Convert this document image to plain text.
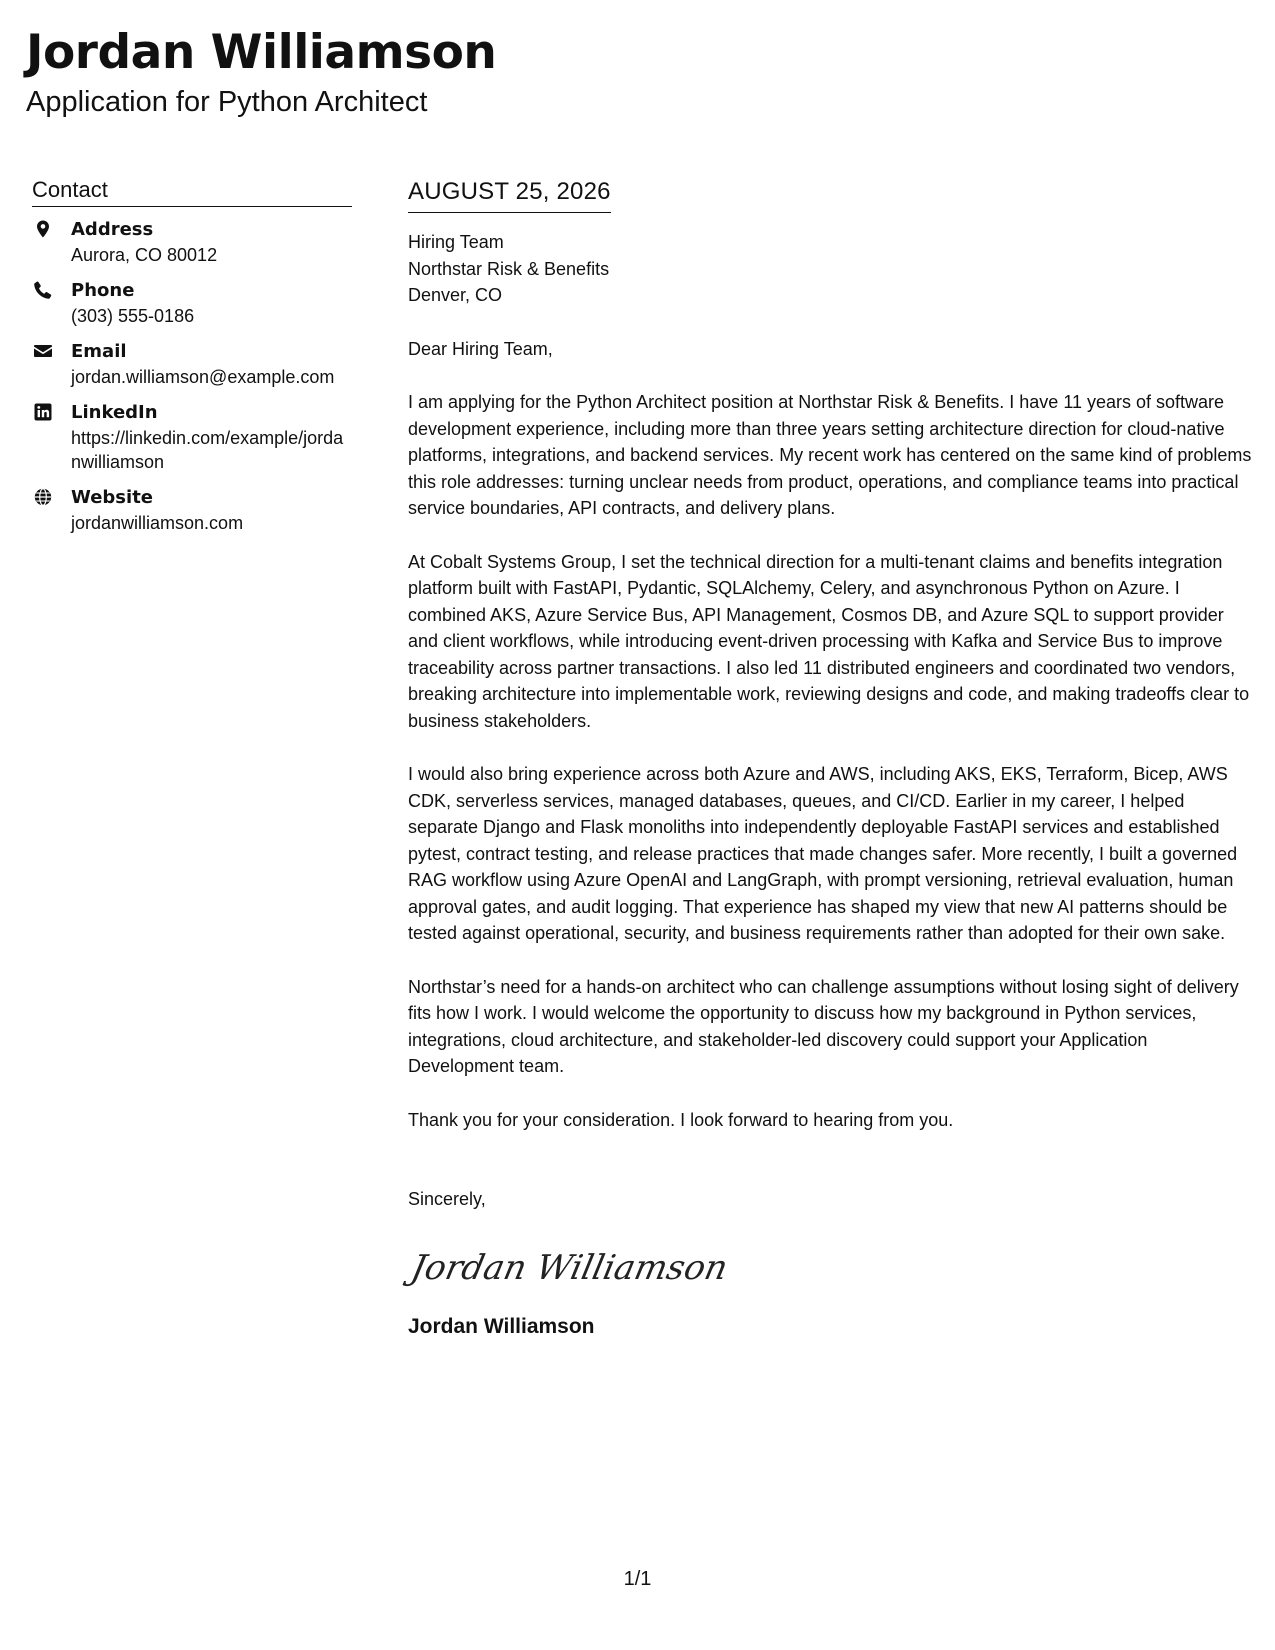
Jordan Williamson
Application for Python Architect
Contact
Address
Aurora, CO 80012
Phone
(303) 555-0186
Email
jordan.williamson@example.com
LinkedIn
https://linkedin.com/example/jordanwilliamson
Website
jordanwilliamson.com
AUGUST 25, 2026
Hiring Team
Northstar Risk & Benefits
Denver, CO
Dear Hiring Team,

I am applying for the Python Architect position at Northstar Risk & Benefits. I have 11 years of software development experience, including more than three years setting architecture direction for cloud-native platforms, integrations, and backend services. My recent work has centered on the same kind of problems this role addresses: turning unclear needs from product, operations, and compliance teams into practical service boundaries, API contracts, and delivery plans.

At Cobalt Systems Group, I set the technical direction for a multi-tenant claims and benefits integration platform built with FastAPI, Pydantic, SQLAlchemy, Celery, and asynchronous Python on Azure. I combined AKS, Azure Service Bus, API Management, Cosmos DB, and Azure SQL to support provider and client workflows, while introducing event-driven processing with Kafka and Service Bus to improve traceability across partner transactions. I also led 11 distributed engineers and coordinated two vendors, breaking architecture into implementable work, reviewing designs and code, and making tradeoffs clear to business stakeholders.

I would also bring experience across both Azure and AWS, including AKS, EKS, Terraform, Bicep, AWS CDK, serverless services, managed databases, queues, and CI/CD. Earlier in my career, I helped separate Django and Flask monoliths into independently deployable FastAPI services and established pytest, contract testing, and release practices that made changes safer. More recently, I built a governed RAG workflow using Azure OpenAI and LangGraph, with prompt versioning, retrieval evaluation, human approval gates, and audit logging. That experience has shaped my view that new AI patterns should be tested against operational, security, and business requirements rather than adopted for their own sake.

Northstar’s need for a hands-on architect who can challenge assumptions without losing sight of delivery fits how I work. I would welcome the opportunity to discuss how my background in Python services, integrations, cloud architecture, and stakeholder-led discovery could support your Application Development team.

Thank you for your consideration. I look forward to hearing from you.

Sincerely,
Jordan Williamson
Jordan Williamson
1/1
